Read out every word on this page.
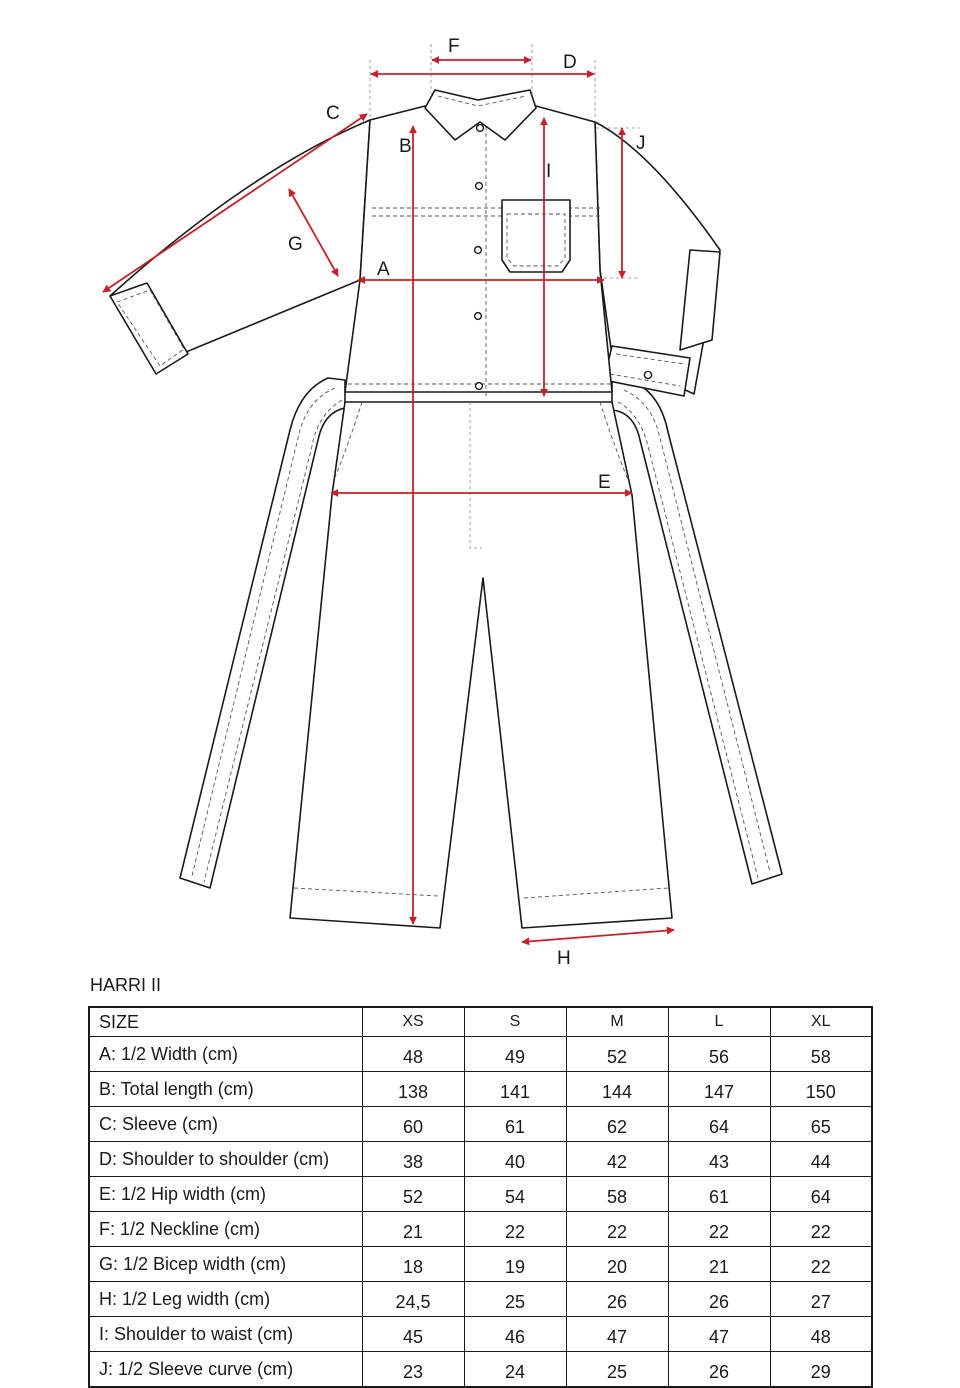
F
D
C
B
I
J
G
A
E
H
HARRI II
SIZE	XS	S	M	L	XL
A: 1/2 Width (cm)	48	49	52	56	58
B: Total length (cm)	138	141	144	147	150
C: Sleeve (cm)	60	61	62	64	65
D: Shoulder to shoulder (cm)	38	40	42	43	44
E: 1/2 Hip width (cm)	52	54	58	61	64
F: 1/2 Neckline (cm)	21	22	22	22	22
G: 1/2 Bicep width (cm)	18	19	20	21	22
H: 1/2 Leg width (cm)	24,5	25	26	26	27
I: Shoulder to waist (cm)	45	46	47	47	48
J: 1/2 Sleeve curve (cm)	23	24	25	26	29
